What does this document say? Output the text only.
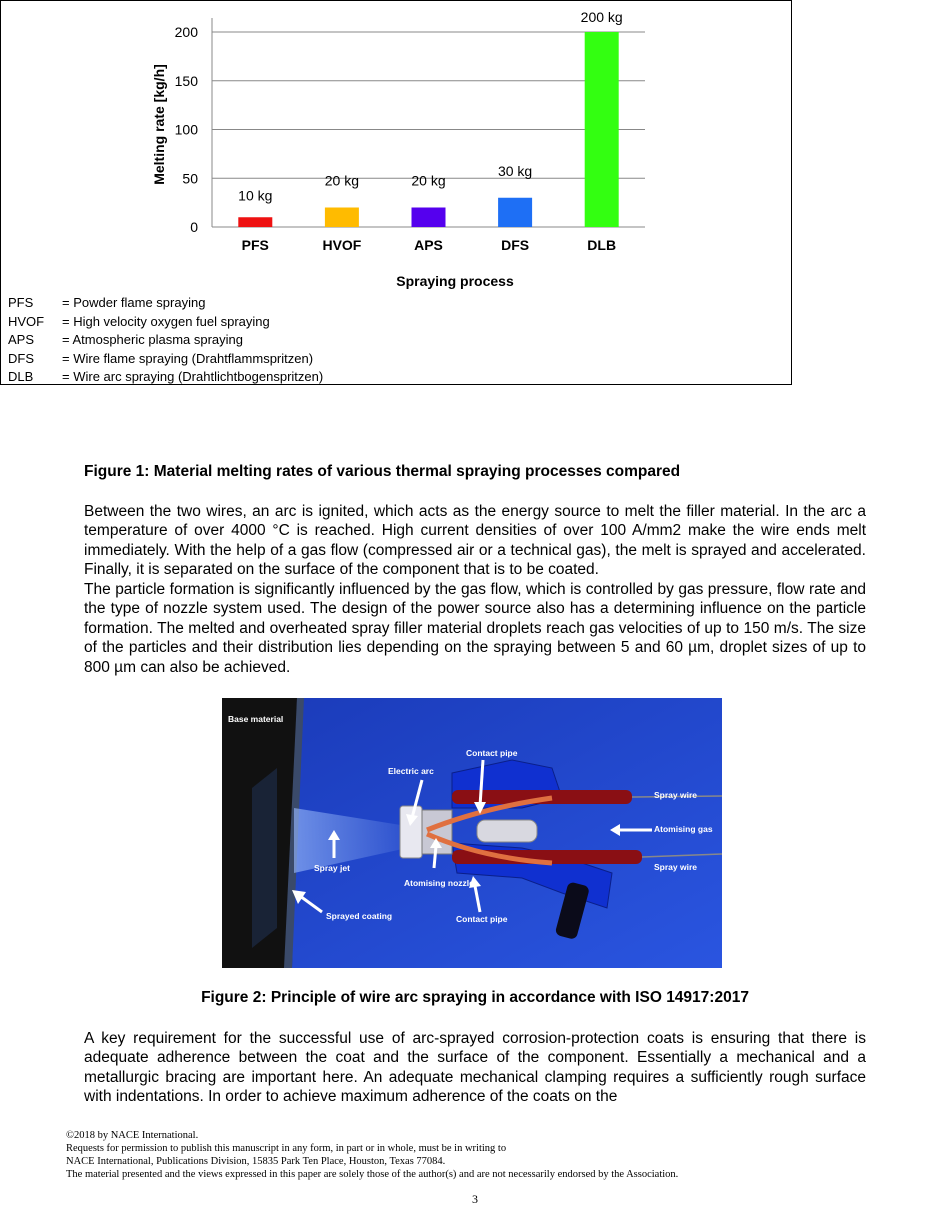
0
50
100
150
200
PFS
10 kg
HVOF
20 kg
APS
20 kg
DFS
30 kg
DLB
200 kg
Melting rate [kg/h]
Spraying process
PFS = Powder flame spraying
HVOF = High velocity oxygen fuel spraying
APS = Atmospheric plasma spraying
DFS = Wire flame spraying (Drahtflammspritzen)
DLB = Wire arc spraying (Drahtlichtbogenspritzen)
Figure 1: Material melting rates of various thermal spraying processes compared
Between the two wires, an arc is ignited, which acts as the energy source to melt the filler material. In the arc a temperature of over 4000 °C is reached. High current densities of over 100 A/mm2 make the wire ends melt immediately. With the help of a gas flow (compressed air or a technical gas), the melt is sprayed and accelerated. Finally, it is separated on the surface of the component that is to be coated.
The particle formation is significantly influenced by the gas flow, which is controlled by gas pressure, flow rate and the type of nozzle system used. The design of the power source also has a determining influence on the particle formation. The melted and overheated spray filler material droplets reach gas velocities of up to 150 m/s. The size of the particles and their distribution lies depending on the spraying between 5 and 60 µm, droplet sizes of up to 800 µm can also be achieved.
Base material
Contact pipe
Electric arc
Spray wire
Atomising gas
Spray wire
Spray jet
Atomising nozzle
Sprayed coating	Contact pipe
Figure 2: Principle of wire arc spraying in accordance with ISO 14917:2017
A key requirement for the successful use of arc-sprayed corrosion-protection coats is ensuring that there is adequate adherence between the coat and the surface of the component. Essentially a mechanical and a metallurgic bracing are important here. An adequate mechanical clamping requires a sufficiently rough surface with indentations. In order to achieve maximum adherence of the coats on the
©2018 by NACE International.
Requests for permission to publish this manuscript in any form, in part or in whole, must be in writing to
NACE International, Publications Division, 15835 Park Ten Place, Houston, Texas 77084.
The material presented and the views expressed in this paper are solely those of the author(s) and are not necessarily endorsed by the Association.
3
